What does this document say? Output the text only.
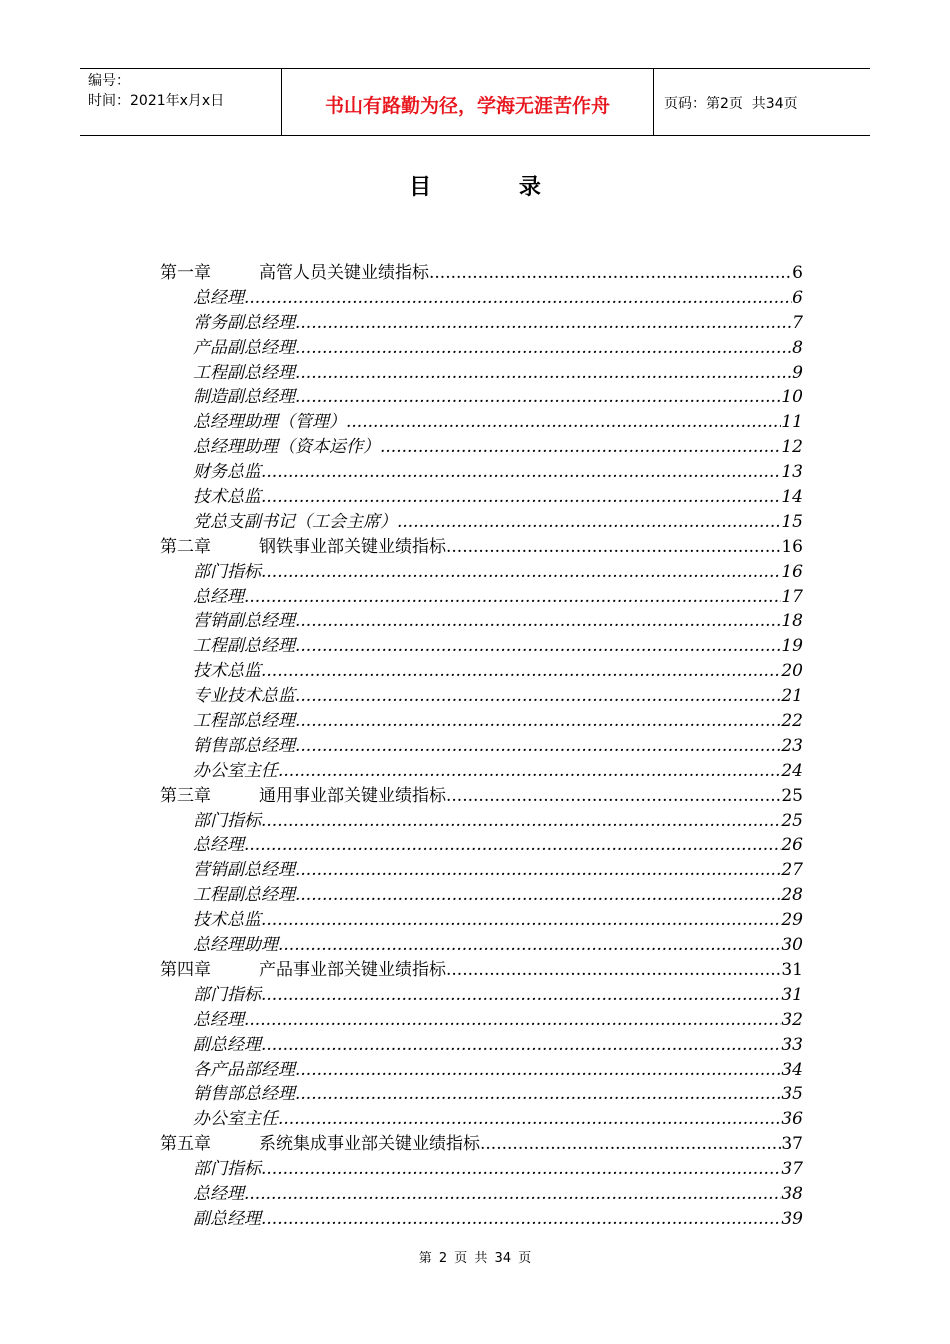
编号：
时间：2021年x月x日	书山有路勤为径，学海无涯苦作舟	页码：第2页  共34页
目 录
第一章	高管人员关键业绩指标 .....	6
总经理 .....	6
常务副总经理 .....	7
产品副总经理 .....	8
工程副总经理 .....	9
制造副总经理 .....	10
总经理助理（管理） .....	11
总经理助理（资本运作） .....	12
财务总监 .....	13
技术总监 .....	14
党总支副书记（工会主席） .....	15
第二章	钢铁事业部关键业绩指标 .....	16
部门指标 .....	16
总经理 .....	17
营销副总经理 .....	18
工程副总经理 .....	19
技术总监 .....	20
专业技术总监 .....	21
工程部总经理 .....	22
销售部总经理 .....	23
办公室主任 .....	24
第三章	通用事业部关键业绩指标 .....	25
部门指标 .....	25
总经理 .....	26
营销副总经理 .....	27
工程副总经理 .....	28
技术总监 .....	29
总经理助理 .....	30
第四章	产品事业部关键业绩指标 .....	31
部门指标 .....	31
总经理 .....	32
副总经理 .....	33
各产品部经理 .....	34
销售部总经理 .....	35
办公室主任 .....	36
第五章	系统集成事业部关键业绩指标 .....	37
部门指标 .....	37
总经理 .....	38
副总经理 .....	39
第 2 页 共 34 页
